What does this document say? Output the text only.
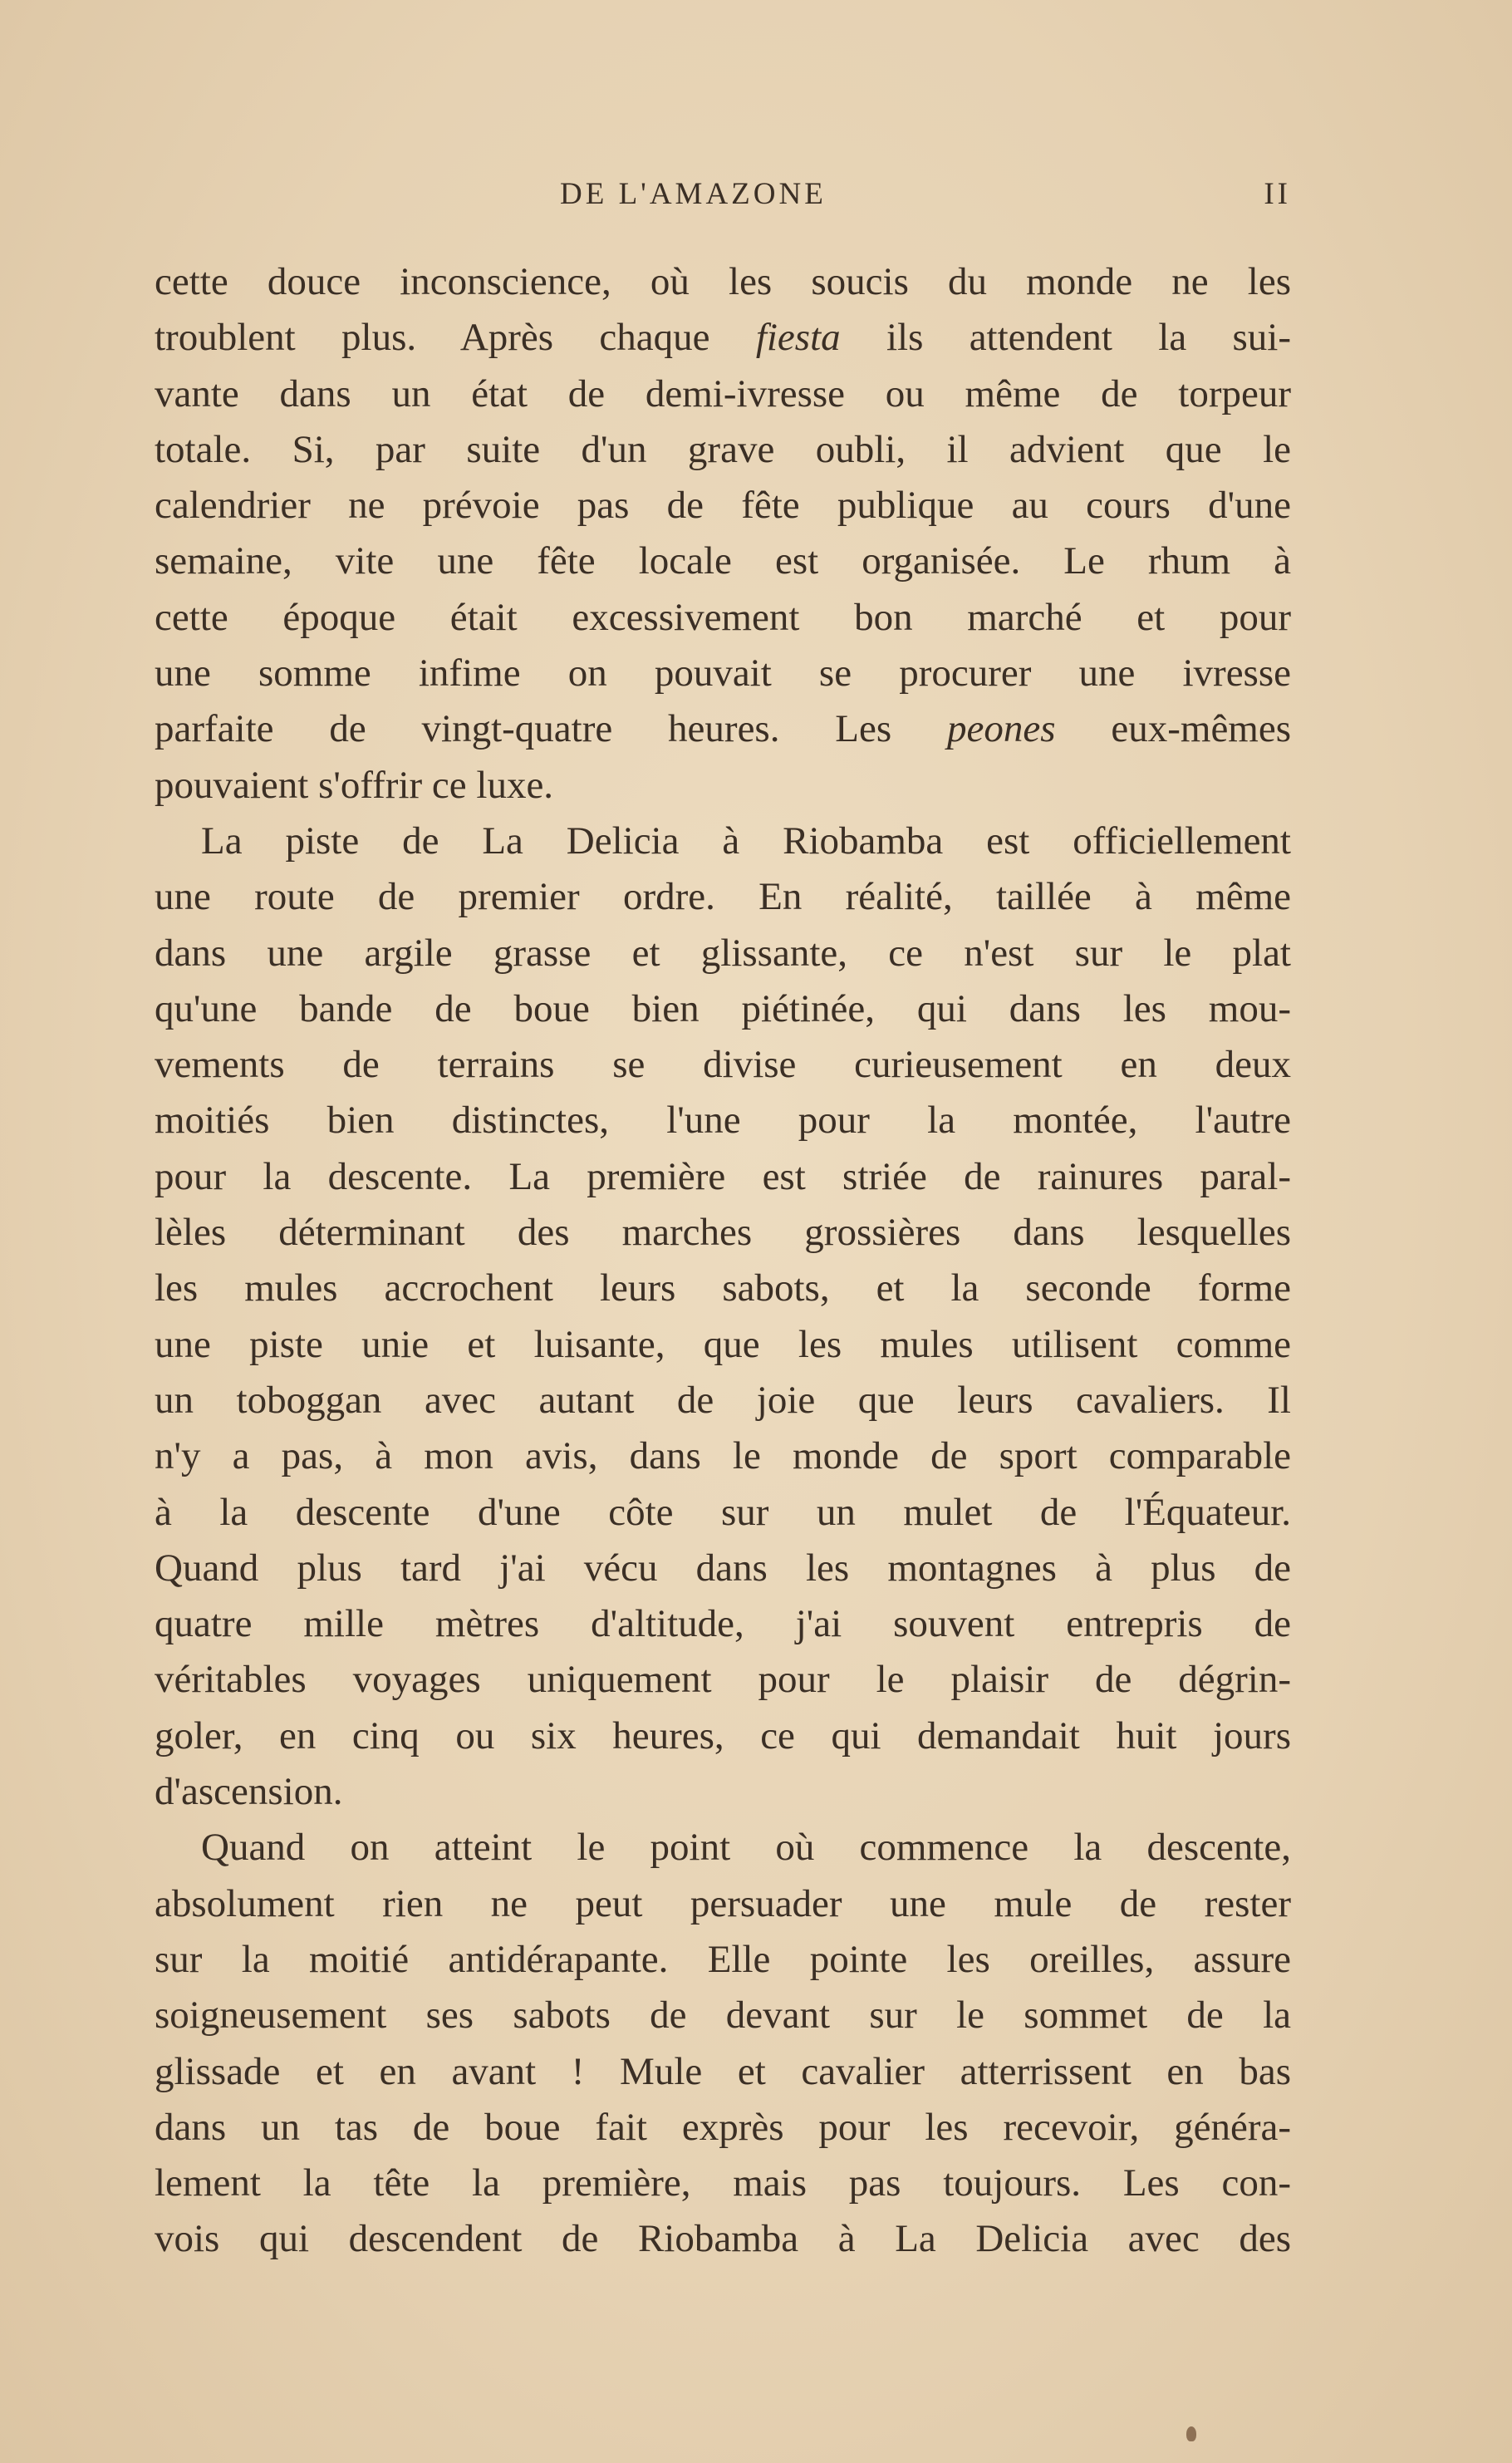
DE L'AMAZONE	II
cette douce inconscience, où les soucis du monde ne les
troublent plus. Après chaque fiesta ils attendent la sui-
vante dans un état de demi-ivresse ou même de torpeur
totale. Si, par suite d'un grave oubli, il advient que le
calendrier ne prévoie pas de fête publique au cours d'une
semaine, vite une fête locale est organisée. Le rhum à
cette époque était excessivement bon marché et pour
une somme infime on pouvait se procurer une ivresse
parfaite de vingt-quatre heures. Les peones eux-mêmes
pouvaient s'offrir ce luxe.
La piste de La Delicia à Riobamba est officiellement
une route de premier ordre. En réalité, taillée à même
dans une argile grasse et glissante, ce n'est sur le plat
qu'une bande de boue bien piétinée, qui dans les mou-
vements de terrains se divise curieusement en deux
moitiés bien distinctes, l'une pour la montée, l'autre
pour la descente. La première est striée de rainures paral-
lèles déterminant des marches grossières dans lesquelles
les mules accrochent leurs sabots, et la seconde forme
une piste unie et luisante, que les mules utilisent comme
un toboggan avec autant de joie que leurs cavaliers. Il
n'y a pas, à mon avis, dans le monde de sport comparable
à la descente d'une côte sur un mulet de l'Équateur.
Quand plus tard j'ai vécu dans les montagnes à plus de
quatre mille mètres d'altitude, j'ai souvent entrepris de
véritables voyages uniquement pour le plaisir de dégrin-
goler, en cinq ou six heures, ce qui demandait huit jours
d'ascension.
Quand on atteint le point où commence la descente,
absolument rien ne peut persuader une mule de rester
sur la moitié antidérapante. Elle pointe les oreilles, assure
soigneusement ses sabots de devant sur le sommet de la
glissade et en avant ! Mule et cavalier atterrissent en bas
dans un tas de boue fait exprès pour les recevoir, généra-
lement la tête la première, mais pas toujours. Les con-
vois qui descendent de Riobamba à La Delicia avec des
